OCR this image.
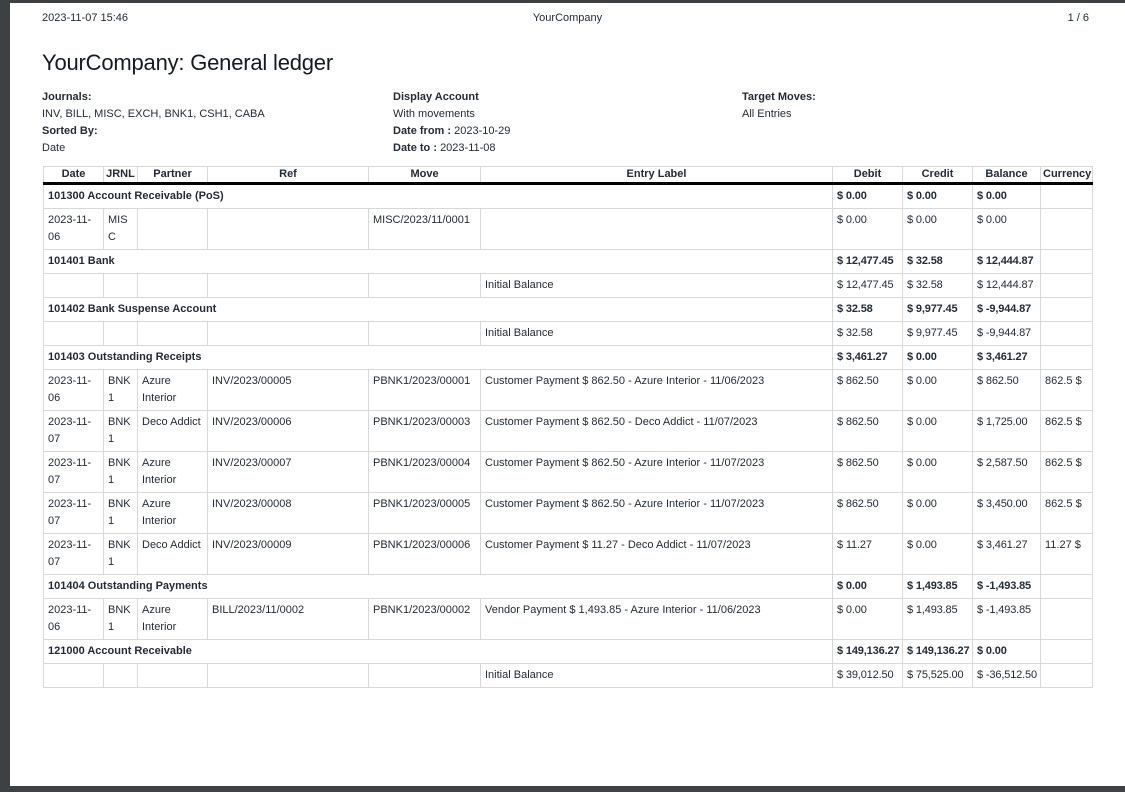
YourCompany
2023-11-07 15:46	1 / 6
YourCompany: General ledger
Journals:
INV, BILL, MISC, EXCH, BNK1, CSH1, CABA
Sorted By:
Date
Display Account
With movements
Date from : 2023-10-29
Date to : 2023-11-08
Target Moves:
All Entries
Date	JRNL	Partner	Ref	Move	Entry Label	Debit	Credit	Balance	Currency
101300 Account Receivable (PoS)						$ 0.00	$ 0.00	$ 0.00	
2023-11-06	MISC			MISC/2023/11/0001		$ 0.00	$ 0.00	$ 0.00	
101401 Bank						$ 12,477.45	$ 32.58	$ 12,444.87	
					Initial Balance	$ 12,477.45	$ 32.58	$ 12,444.87	
101402 Bank Suspense Account						$ 32.58	$ 9,977.45	$ -9,944.87	
					Initial Balance	$ 32.58	$ 9,977.45	$ -9,944.87	
101403 Outstanding Receipts						$ 3,461.27	$ 0.00	$ 3,461.27	
2023-11-06	BNK1	Azure Interior	INV/2023/00005	PBNK1/2023/00001	Customer Payment $ 862.50 - Azure Interior - 11/06/2023	$ 862.50	$ 0.00	$ 862.50	862.5 $
2023-11-07	BNK1	Deco Addict	INV/2023/00006	PBNK1/2023/00003	Customer Payment $ 862.50 - Deco Addict - 11/07/2023	$ 862.50	$ 0.00	$ 1,725.00	862.5 $
2023-11-07	BNK1	Azure Interior	INV/2023/00007	PBNK1/2023/00004	Customer Payment $ 862.50 - Azure Interior - 11/07/2023	$ 862.50	$ 0.00	$ 2,587.50	862.5 $
2023-11-07	BNK1	Azure Interior	INV/2023/00008	PBNK1/2023/00005	Customer Payment $ 862.50 - Azure Interior - 11/07/2023	$ 862.50	$ 0.00	$ 3,450.00	862.5 $
2023-11-07	BNK1	Deco Addict	INV/2023/00009	PBNK1/2023/00006	Customer Payment $ 11.27 - Deco Addict - 11/07/2023	$ 11.27	$ 0.00	$ 3,461.27	11.27 $
101404 Outstanding Payments						$ 0.00	$ 1,493.85	$ -1,493.85	
2023-11-06	BNK1	Azure Interior	BILL/2023/11/0002	PBNK1/2023/00002	Vendor Payment $ 1,493.85 - Azure Interior - 11/06/2023	$ 0.00	$ 1,493.85	$ -1,493.85	
121000 Account Receivable						$ 149,136.27	$ 149,136.27	$ 0.00	
					Initial Balance	$ 39,012.50	$ 75,525.00	$ -36,512.50	
